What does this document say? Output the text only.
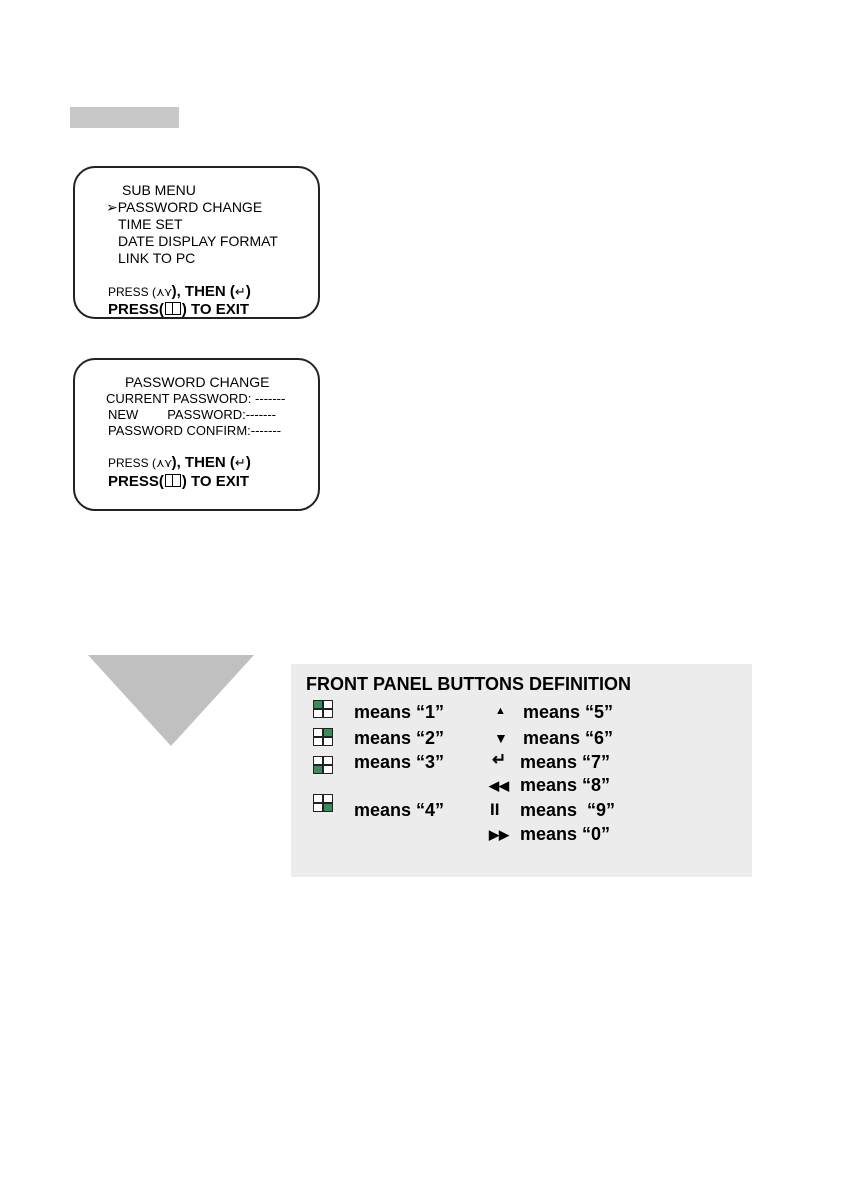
SUB MENU
➢PASSWORD CHANGE
TIME SET
DATE DISPLAY FORMAT
LINK TO PC
PRESS (⋏⋎), THEN (↵)
PRESS( ) TO EXIT
PASSWORD CHANGE
CURRENT PASSWORD: -------
NEW        PASSWORD:-------
PASSWORD CONFIRM:-------
PRESS (⋏⋎), THEN (↵)
PRESS( ) TO EXIT
FRONT PANEL BUTTONS DEFINITION
means “1”
means “2”
means “3”
means “4”
▲ means “5”
▼ means “6”
↵ means “7”
◀◀ means “8”
II means  “9”
▶▶ means “0”
